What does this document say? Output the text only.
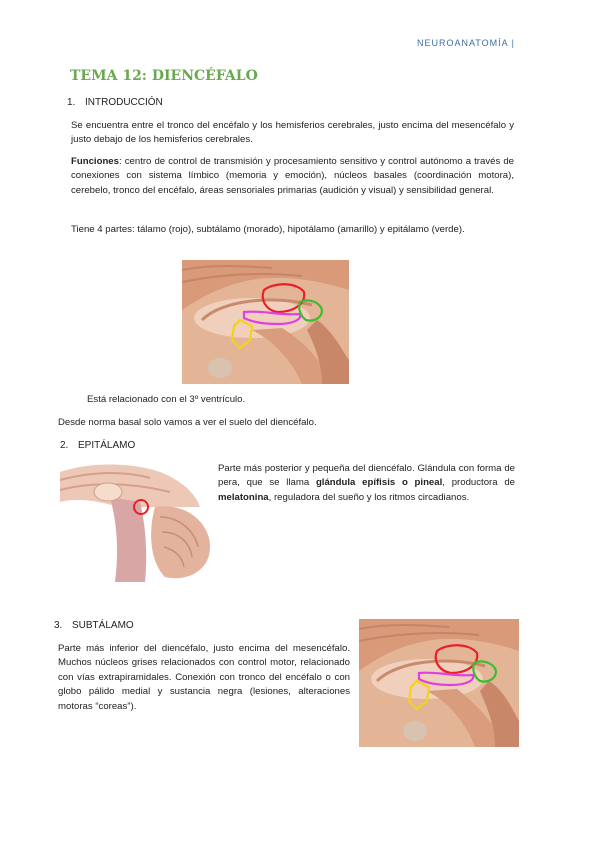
NEUROANATOMÍA |
TEMA 12: DIENCÉFALO
1. INTRODUCCIÓN

Se encuentra entre el tronco del encéfalo y los hemisferios cerebrales, justo encima del mesencéfalo y justo debajo de los hemisferios cerebrales.

Funciones: centro de control de transmisión y procesamiento sensitivo y control autónomo a través de conexiones con sistema límbico (memoria y emoción), núcleos basales (coordinación motora), cerebelo, tronco del encéfalo, áreas sensoriales primarias (audición y visual) y sensibilidad general.

Tiene 4 partes: tálamo (rojo), subtálamo (morado), hipotálamo (amarillo) y epitálamo (verde).

Está relacionado con el 3º ventrículo.
Desde norma basal solo vamos a ver el suelo del diencéfalo.
2. EPITÁLAMO

Parte más posterior y pequeña del diencéfalo. Glándula con forma de pera, que se llama glándula epífisis o pineal, productora de melatonina, reguladora del sueño y los ritmos circadianos.

3. SUBTÁLAMO

Parte más inferior del diencéfalo, justo encima del mesencéfalo. Muchos núcleos grises relacionados con control motor, relacionado con vías extrapiramidales. Conexión con tronco del encéfalo o con globo pálido medial y sustancia negra (lesiones, alteraciones motoras “coreas”).
